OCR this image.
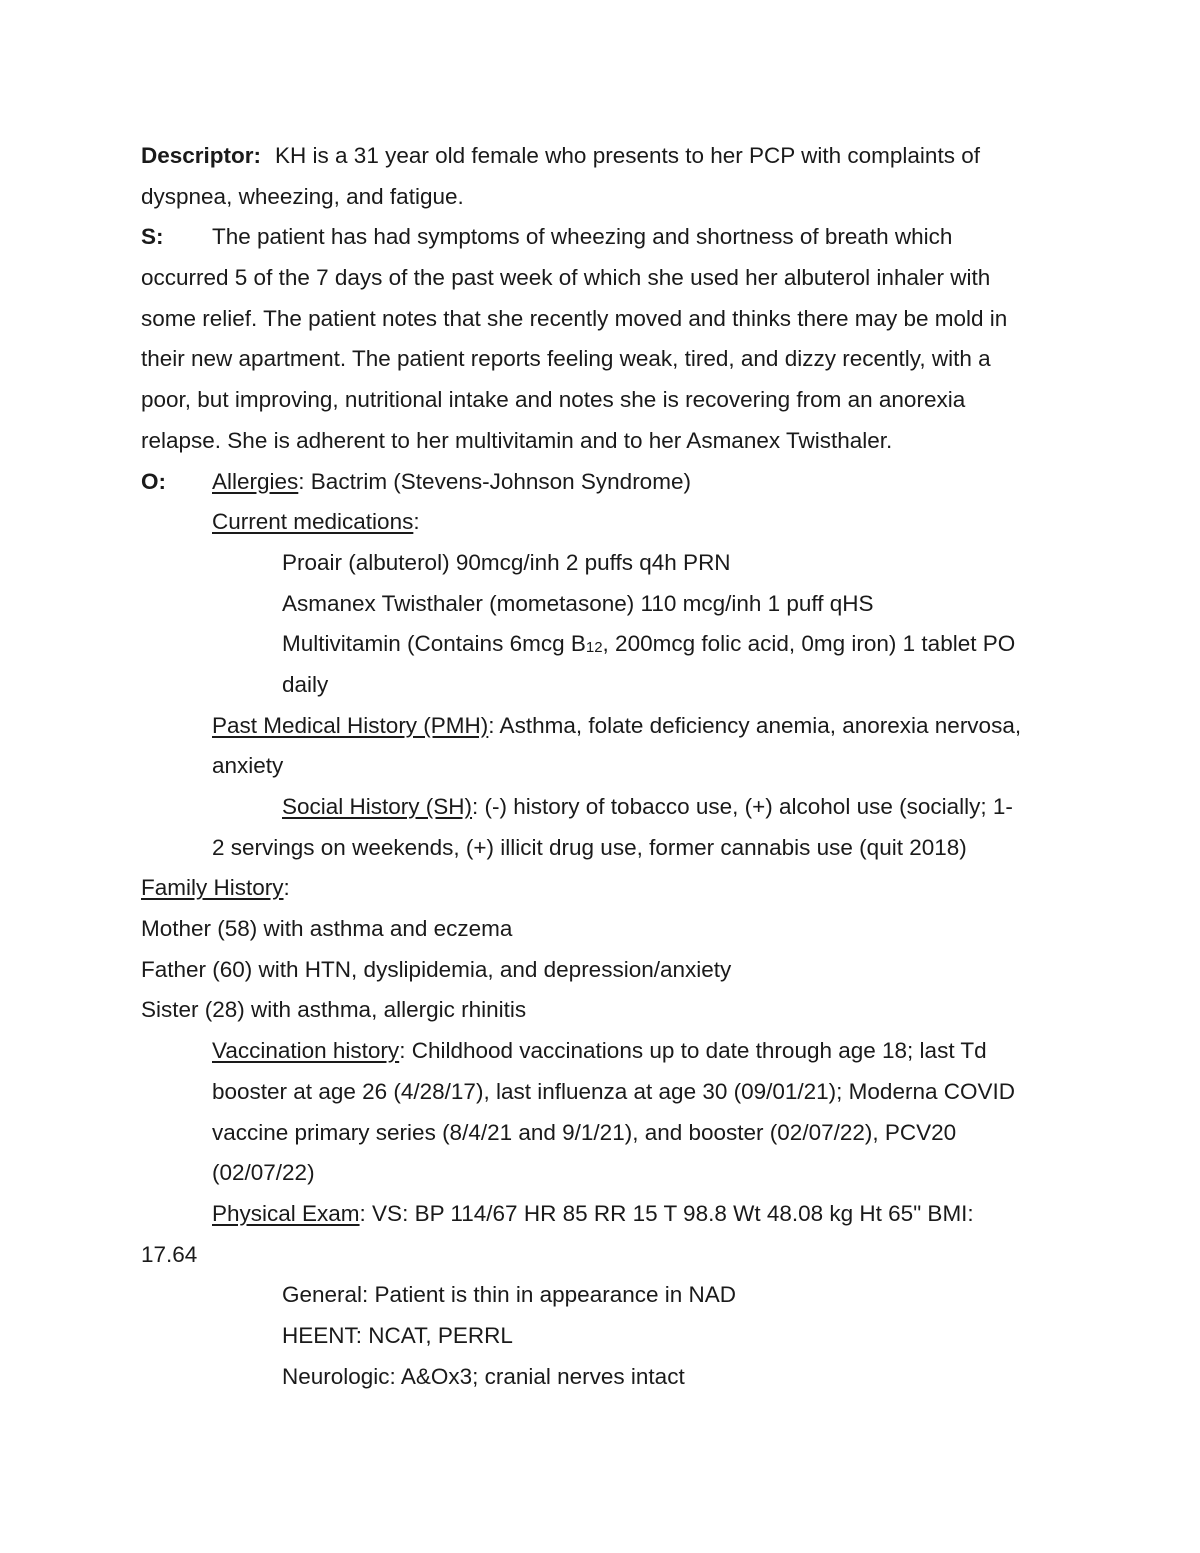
Descriptor: KH is a 31 year old female who presents to her PCP with complaints of
dyspnea, wheezing, and fatigue.
S: The patient has had symptoms of wheezing and shortness of breath which
occurred 5 of the 7 days of the past week of which she used her albuterol inhaler with
some relief. The patient notes that she recently moved and thinks there may be mold in
their new apartment. The patient reports feeling weak, tired, and dizzy recently, with a
poor, but improving, nutritional intake and notes she is recovering from an anorexia
relapse. She is adherent to her multivitamin and to her Asmanex Twisthaler.
O: Allergies: Bactrim (Stevens-Johnson Syndrome)
Current medications:
Proair (albuterol) 90mcg/inh 2 puffs q4h PRN
Asmanex Twisthaler (mometasone) 110 mcg/inh 1 puff qHS
Multivitamin (Contains 6mcg B12, 200mcg folic acid, 0mg iron) 1 tablet PO
daily
Past Medical History (PMH): Asthma, folate deficiency anemia, anorexia nervosa,
anxiety
Social History (SH): (-) history of tobacco use, (+) alcohol use (socially; 1-
2 servings on weekends, (+) illicit drug use, former cannabis use (quit 2018)
Family History:
Mother (58) with asthma and eczema
Father (60) with HTN, dyslipidemia, and depression/anxiety
Sister (28) with asthma, allergic rhinitis
Vaccination history: Childhood vaccinations up to date through age 18; last Td
booster at age 26 (4/28/17), last influenza at age 30 (09/01/21); Moderna COVID
vaccine primary series (8/4/21 and 9/1/21), and booster (02/07/22), PCV20
(02/07/22)
Physical Exam: VS: BP 114/67 HR 85 RR 15 T 98.8 Wt 48.08 kg Ht 65" BMI:
17.64
General: Patient is thin in appearance in NAD
HEENT: NCAT, PERRL
Neurologic: A&Ox3; cranial nerves intact
